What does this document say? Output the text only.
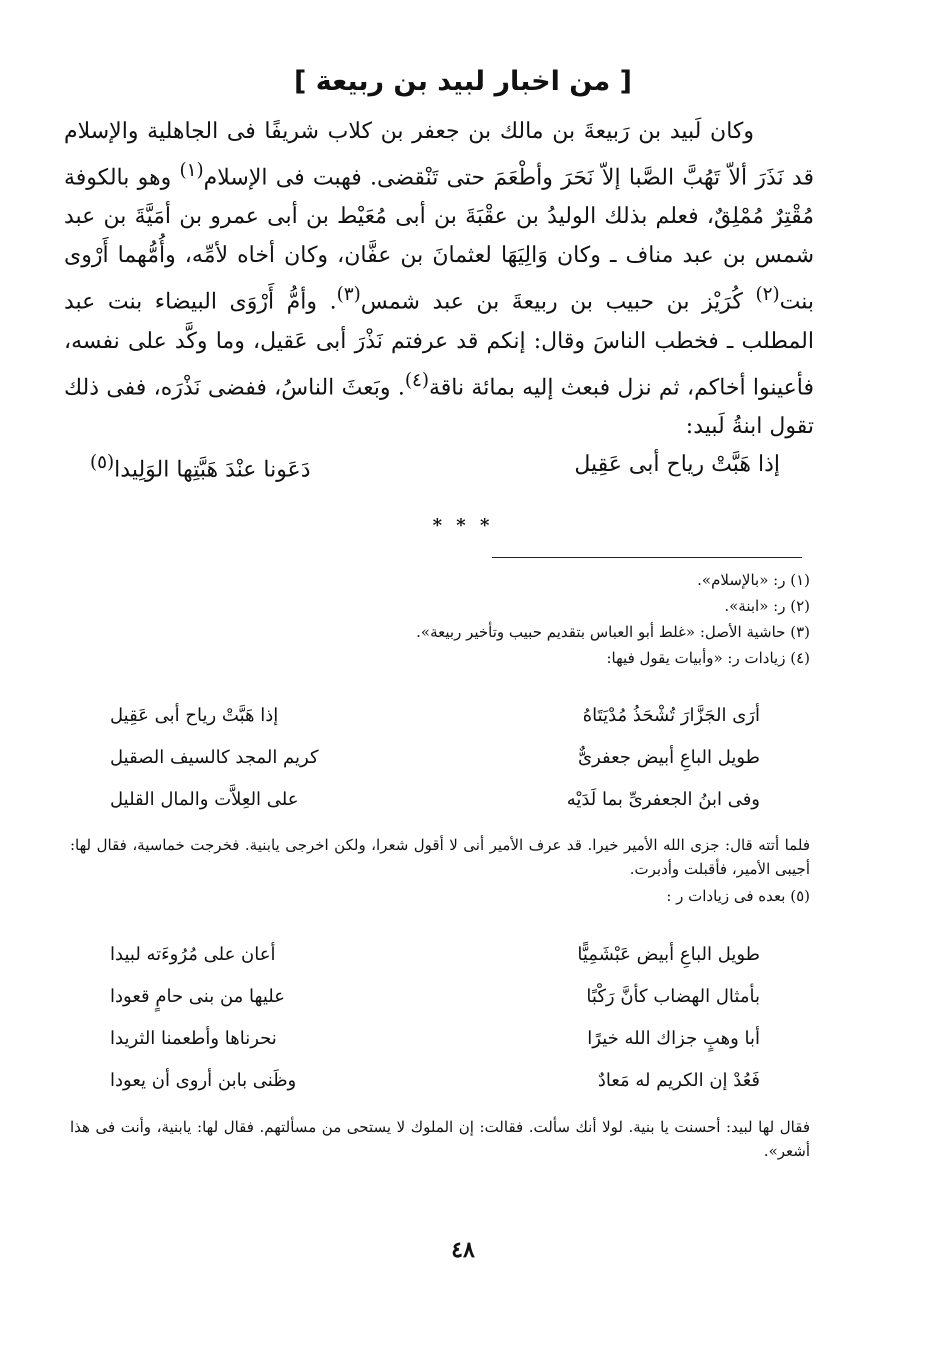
[ من اخبار لبيد بن ربيعة ]

وكان لَبيد بن رَبيعةَ بن مالك بن جعفر بن كلاب شريفًا فى الجاهلية والإسلام قد نَذَرَ ألاّ تَهُبَّ الصَّبا إلاّ نَحَرَ وأطْعَمَ حتى تَنْقضى. فهبت فى الإسلام$^{(١)}$ وهو بالكوفة مُقْتِرٌ مُمْلِقٌ، فعلم بذلك الوليدُ بن عقْبَةَ بن أبى مُعَيْط بن أبى عمرو بن أمَيَّةَ بن عبد شمس بن عبد مناف ـ وكان وَالِيَهَا لعثمانَ بن عفَّان، وكان أخاه لأمِّه، وأُمُّهما أَرْوى بنت$^{(٢)}$ كُرَيْز بن حبيب بن ربيعةَ بن عبد شمس$^{(٣)}$. وأمُّ أَرْوَى البيضاء بنت عبد المطلب ـ فخطب الناسَ وقال: إنكم قد عرفتم نَذْرَ أبى عَقيل، وما وكَّد على نفسه، فأعينوا أخاكم، ثم نزل فبعث إليه بمائة ناقة$^{(٤)}$. وبَعثَ الناسُ، ففضى نَذْرَه، ففى ذلك تقول ابنةُ لَبيد:

إذا هَبَّتْ رياح أبى عَقِيل
دَعَونا عنْدَ هَبَّتِها الوَلِيدا$^{(٥)}$
* * *
(١) ر: «بالإسلام».
(٢) ر: «ابنة».
(٣) حاشية الأصل: «غلط أبو العباس بتقديم حبيب وتأخير ربيعة».
(٤) زيادات ر: «وأبيات يقول فيها:
أرَى الجَزَّارَ تُشْحَذُ مُدْيَتَاهُ
إذا هَبَّتْ رياح أبى عَقِيل
طويل الباعِ أبيض جعفرىٌّ
كريم المجد كالسيف الصقيل
وفى ابنُ الجعفرىِّ بما لَدَيْه
على العِلاَّت والمال القليل
فلما أتته قال: جزى الله الأمير خيرا. قد عرف الأمير أنى لا أقول شعرا، ولكن اخرجى يابنية. فخرجت خماسية، فقال لها: أجيبى الأمير، فأقبلت وأدبرت.
(٥) بعده فى زيادات ر :
طويل الباعِ أبيض عَبْشَمِيًّا
أعان على مُرُوءَته لبيدا
بأمثال الهضاب كأنَّ رَكْبًا
عليها من بنى حامٍ قعودا
أبا وهبٍ جزاك الله خيرًا
نحرناها وأطعمنا الثريدا
فَعُدْ إن الكريم له مَعادٌ
وظَنى بابن أروى أن يعودا
فقال لها لبيد: أحسنت يا بنية. لولا أنك سألت. فقالت: إن الملوك لا يستحى من مسألتهم. فقال لها: يابنية، وأنت فى هذا أشعر».
٤٨
